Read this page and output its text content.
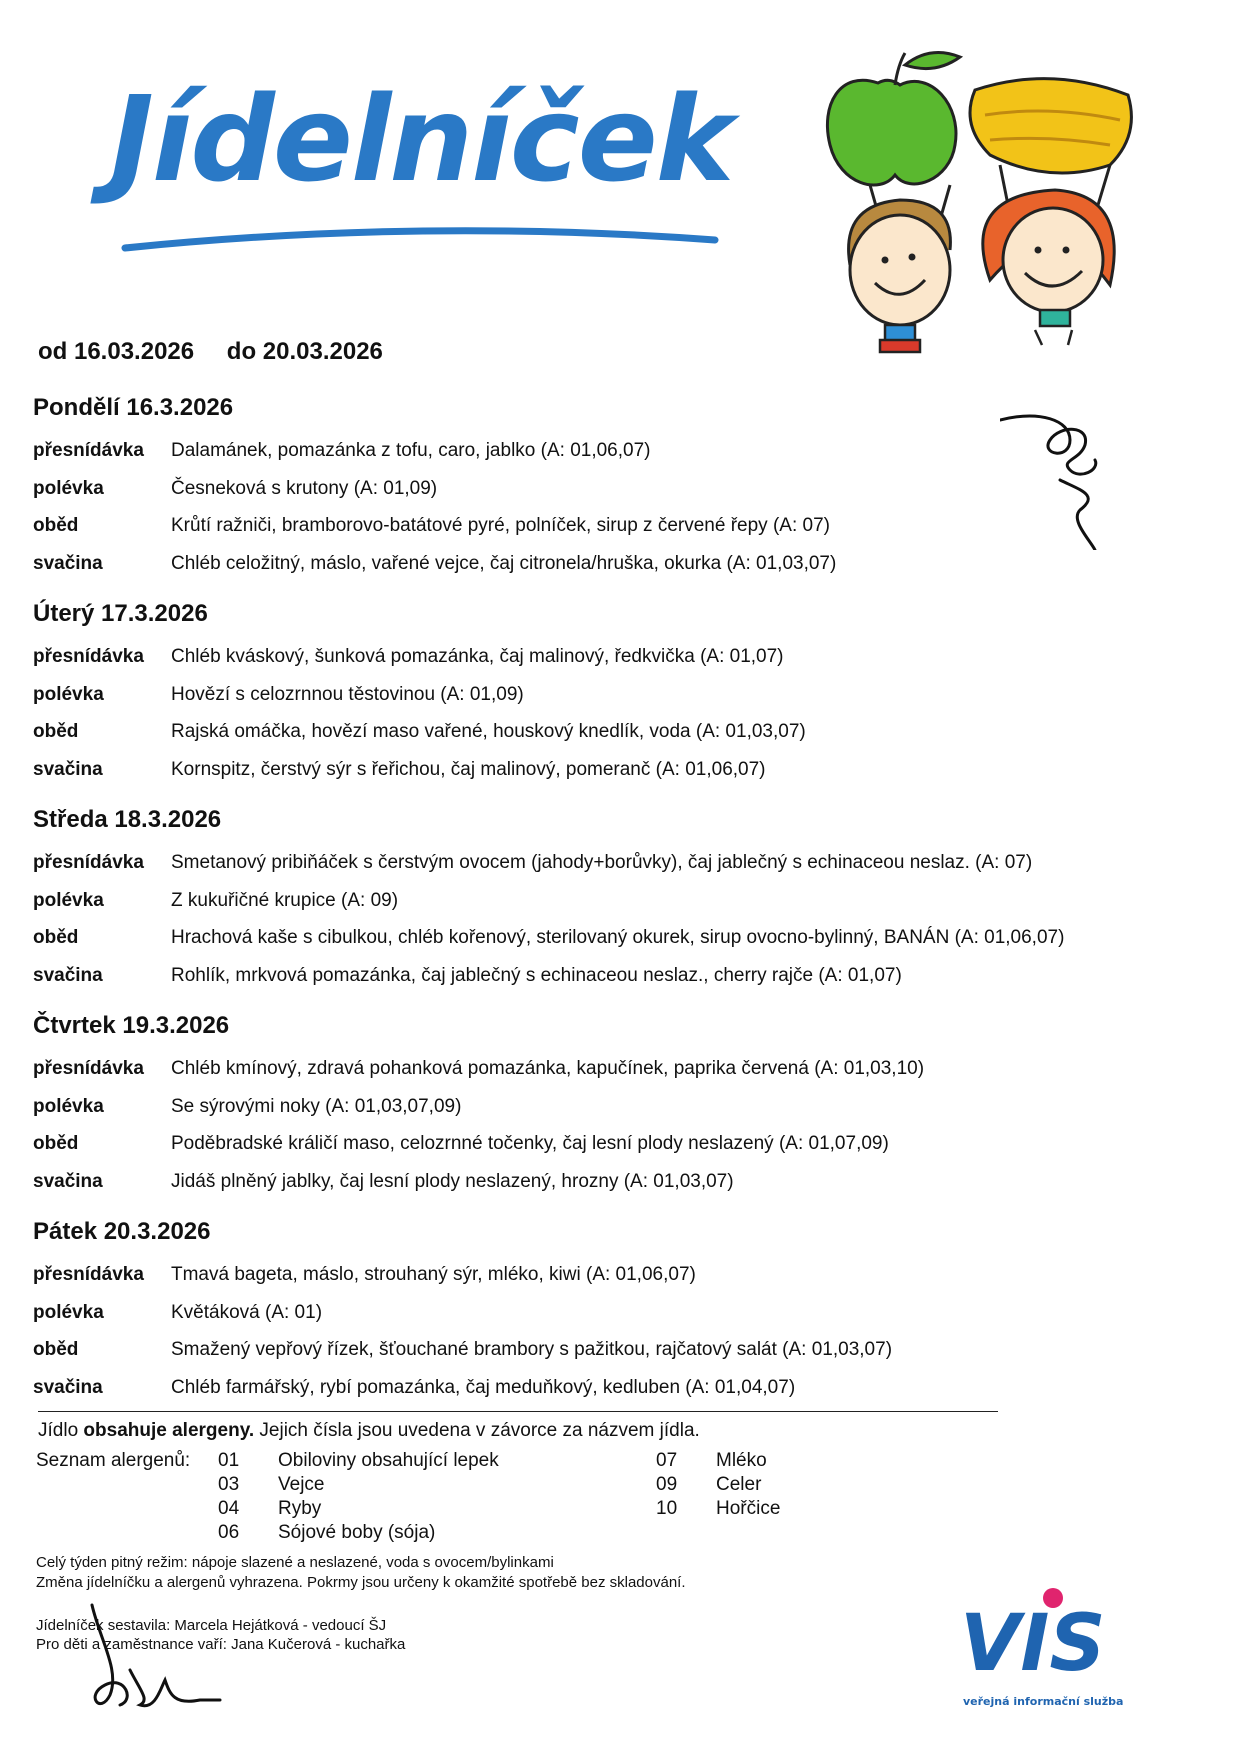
Jídelníček
od 16.03.2026 do 20.03.2026
Pondělí 16.3.2026
přesnídávka	Dalamánek, pomazánka z tofu, caro, jablko (A: 01,06,07)
polévka	Česneková s krutony (A: 01,09)
oběd	Krůtí ražniči, bramborovo-batátové pyré, polníček, sirup z červené řepy (A: 07)
svačina	Chléb celožitný, máslo, vařené vejce, čaj citronela/hruška, okurka (A: 01,03,07)
Úterý 17.3.2026
přesnídávka	Chléb kváskový, šunková pomazánka, čaj malinový, ředkvička (A: 01,07)
polévka	Hovězí s celozrnnou těstovinou (A: 01,09)
oběd	Rajská omáčka, hovězí maso vařené, houskový knedlík, voda (A: 01,03,07)
svačina	Kornspitz, čerstvý sýr s řeřichou, čaj malinový, pomeranč (A: 01,06,07)
Středa 18.3.2026
přesnídávka	Smetanový pribiňáček s čerstvým ovocem (jahody+borůvky), čaj jablečný s echinaceou neslaz. (A: 07)
polévka	Z kukuřičné krupice (A: 09)
oběd	Hrachová kaše s cibulkou, chléb kořenový, sterilovaný okurek, sirup ovocno-bylinný, BANÁN (A: 01,06,07)
svačina	Rohlík, mrkvová pomazánka, čaj jablečný s echinaceou neslaz., cherry rajče (A: 01,07)
Čtvrtek 19.3.2026
přesnídávka	Chléb kmínový, zdravá pohanková pomazánka, kapučínek, paprika červená (A: 01,03,10)
polévka	Se sýrovými noky (A: 01,03,07,09)
oběd	Poděbradské králičí maso, celozrnné točenky, čaj lesní plody neslazený (A: 01,07,09)
svačina	Jidáš plněný jablky, čaj lesní plody neslazený, hrozny (A: 01,03,07)
Pátek 20.3.2026
přesnídávka	Tmavá bageta, máslo, strouhaný sýr, mléko, kiwi (A: 01,06,07)
polévka	Květáková (A: 01)
oběd	Smažený vepřový řízek, šťouchané brambory s pažitkou, rajčatový salát (A: 01,03,07)
svačina	Chléb farmářský, rybí pomazánka, čaj meduňkový, kedluben (A: 01,04,07)
Jídlo obsahuje alergeny. Jejich čísla jsou uvedena v závorce za názvem jídla.
Seznam alergenů: 01 Obiloviny obsahující lepek
03 Vejce
04 Ryby
06 Sójové boby (sója)
07 Mléko
09 Celer
10 Hořčice
Celý týden pitný režim: nápoje slazené a neslazené, voda s ovocem/bylinkami
Změna jídelníčku a alergenů vyhrazena. Pokrmy jsou určeny k okamžité spotřebě bez skladování.
Jídelníček sestavila: Marcela Hejátková - vedoucí ŠJ
Pro děti a zaměstnance vaří: Jana Kučerová - kuchařka	VIS
veřejná informační služba
